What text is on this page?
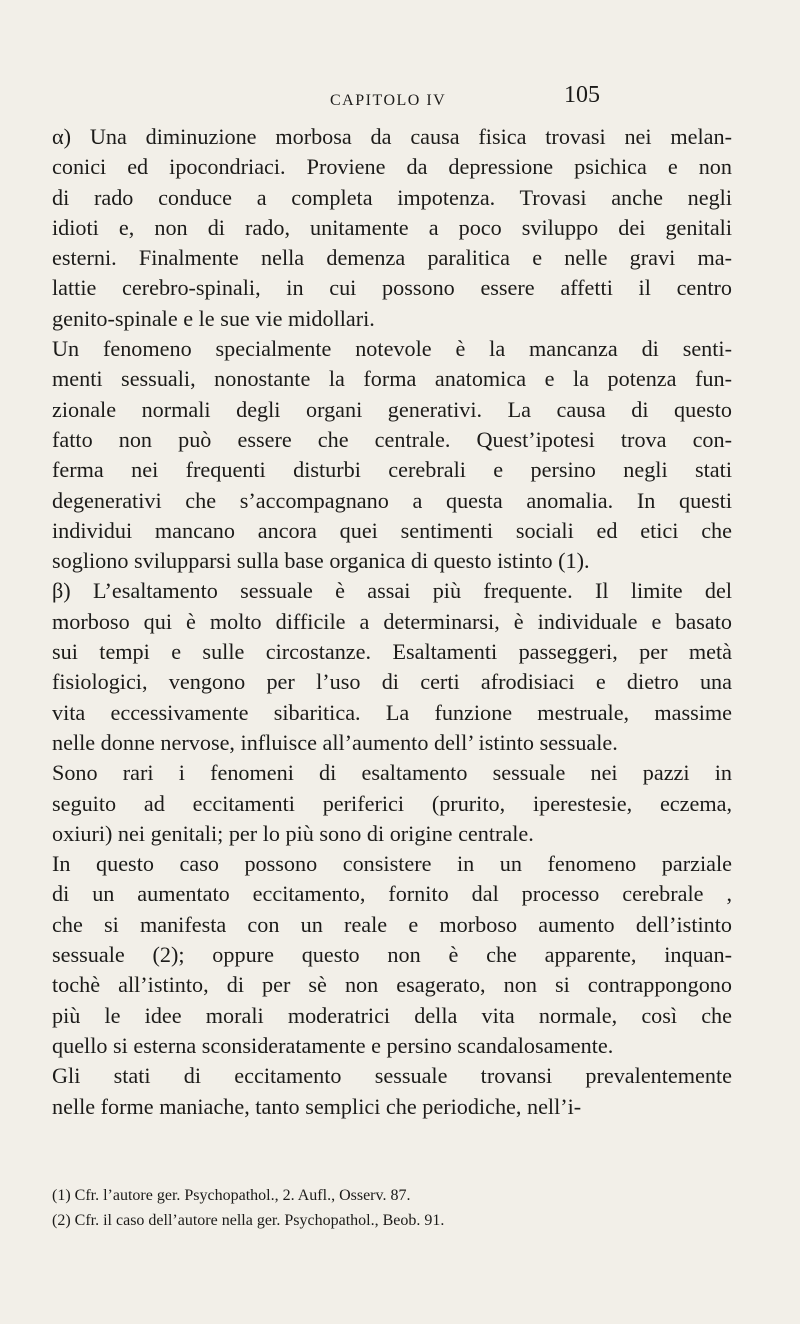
CAPITOLO IV	105
α) Una diminuzione morbosa da causa fisica trovasi nei melan-
conici ed ipocondriaci. Proviene da depressione psichica e non
di rado conduce a completa impotenza. Trovasi anche negli
idioti e, non di rado, unitamente a poco sviluppo dei genitali
esterni. Finalmente nella demenza paralitica e nelle gravi ma-
lattie cerebro-spinali, in cui possono essere affetti il centro
genito-spinale e le sue vie midollari.
Un fenomeno specialmente notevole è la mancanza di senti-
menti sessuali, nonostante la forma anatomica e la potenza fun-
zionale normali degli organi generativi. La causa di questo
fatto non può essere che centrale. Quest’ipotesi trova con-
ferma nei frequenti disturbi cerebrali e persino negli stati
degenerativi che s’accompagnano a questa anomalia. In questi
individui mancano ancora quei sentimenti sociali ed etici che
sogliono svilupparsi sulla base organica di questo istinto (1).
β) L’esaltamento sessuale è assai più frequente. Il limite del
morboso qui è molto difficile a determinarsi, è individuale e basato
sui tempi e sulle circostanze. Esaltamenti passeggeri, per metà
fisiologici, vengono per l’uso di certi afrodisiaci e dietro una
vita eccessivamente sibaritica. La funzione mestruale, massime
nelle donne nervose, influisce all’aumento dell’ istinto sessuale.
Sono rari i fenomeni di esaltamento sessuale nei pazzi in
seguito ad eccitamenti periferici (prurito, iperestesie, eczema,
oxiuri) nei genitali; per lo più sono di origine centrale.
In questo caso possono consistere in un fenomeno parziale
di un aumentato eccitamento, fornito dal processo cerebrale ,
che si manifesta con un reale e morboso aumento dell’istinto
sessuale (2); oppure questo non è che apparente, inquan-
tochè all’istinto, di per sè non esagerato, non si contrappongono
più le idee morali moderatrici della vita normale, così che
quello si esterna sconsideratamente e persino scandalosamente.
Gli stati di eccitamento sessuale trovansi prevalentemente
nelle forme maniache, tanto semplici che periodiche, nell’i-
(1) Cfr. l’autore ger. Psychopathol., 2. Aufl., Osserv. 87.
(2) Cfr. il caso dell’autore nella ger. Psychopathol., Beob. 91.
